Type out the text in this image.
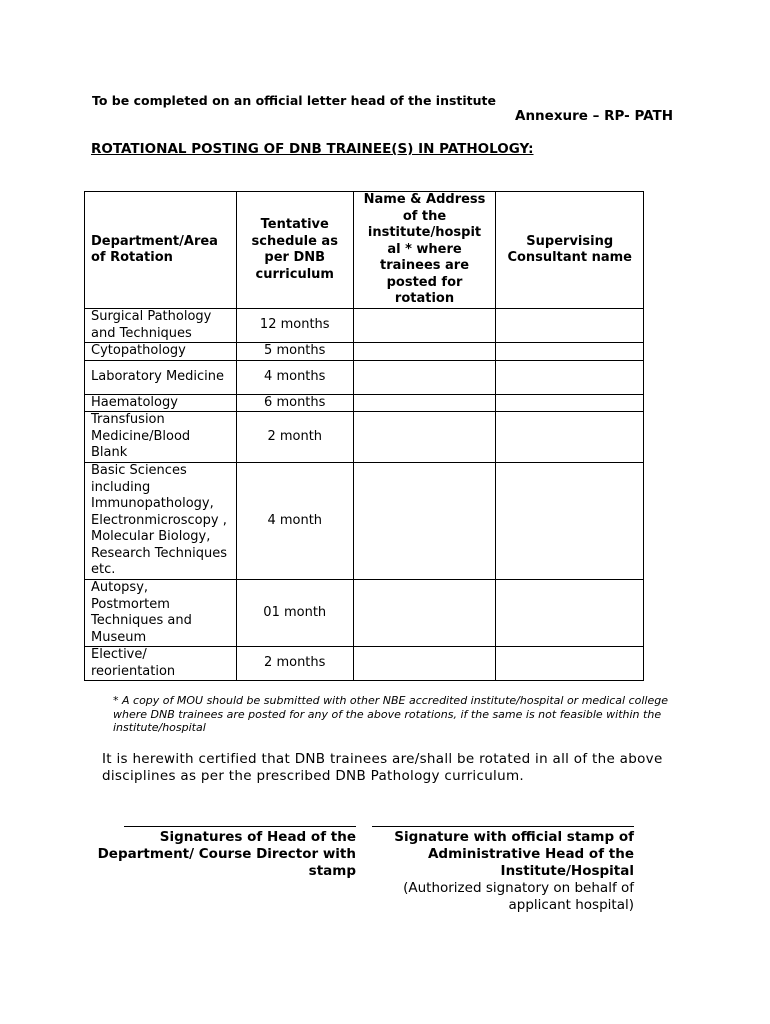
To be completed on an official letter head of the institute
Annexure – RP- PATH
ROTATIONAL POSTING OF DNB TRAINEE(S) IN PATHOLOGY:
Department/Area of Rotation	Tentative schedule as per DNB curriculum	Name & Address of the institute/hospit al * where trainees are posted for rotation	Supervising Consultant name
Surgical Pathology and Techniques	12 months		
Cytopathology	5 months		
Laboratory Medicine	4 months		
Haematology	6 months		
Transfusion Medicine/Blood Blank	2 month		
Basic Sciences including Immunopathology, Electronmicroscopy , Molecular Biology, Research Techniques etc.	4 month		
Autopsy, Postmortem Techniques and Museum	01 month		
Elective/ reorientation	2 months		
* A copy of MOU should be submitted with other NBE accredited institute/hospital or medical college where DNB trainees are posted for any of the above rotations, if the same is not feasible within the institute/hospital
It is herewith certified that DNB trainees are/shall be rotated in all of the above disciplines as per the prescribed DNB Pathology curriculum.
Signatures of Head of the Department/ Course Director with stamp
Signature with official stamp of Administrative Head of the Institute/Hospital
(Authorized signatory on behalf of applicant hospital)
